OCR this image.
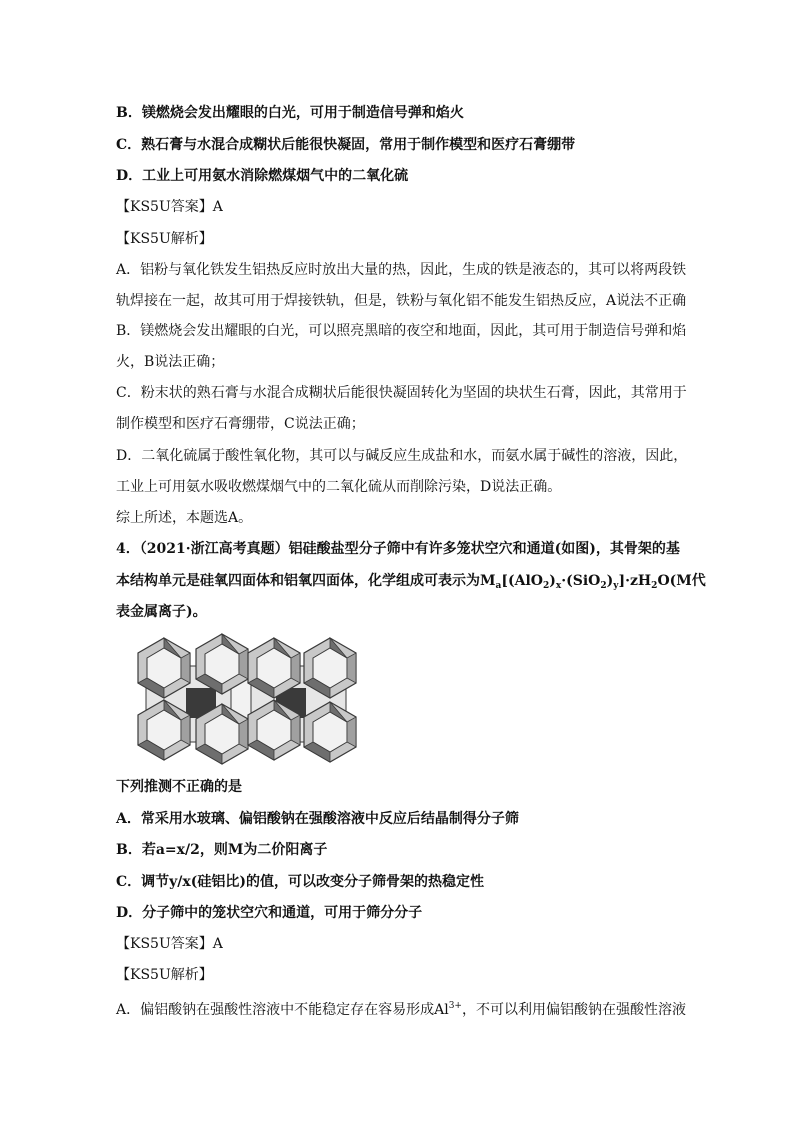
B．镁燃烧会发出耀眼的白光，可用于制造信号弹和焰火
C．熟石膏与水混合成糊状后能很快凝固，常用于制作模型和医疗石膏绷带
D．工业上可用氨水消除燃煤烟气中的二氧化硫
【KS5U答案】A
【KS5U解析】
A．铝粉与氧化铁发生铝热反应时放出大量的热，因此，生成的铁是液态的，其可以将两段铁
轨焊接在一起，故其可用于焊接铁轨，但是，铁粉与氧化铝不能发生铝热反应，A说法不正确
B．镁燃烧会发出耀眼的白光，可以照亮黑暗的夜空和地面，因此，其可用于制造信号弹和焰
火，B说法正确；
C．粉末状的熟石膏与水混合成糊状后能很快凝固转化为坚固的块状生石膏，因此，其常用于
制作模型和医疗石膏绷带，C说法正确；
D．二氧化硫属于酸性氧化物，其可以与碱反应生成盐和水，而氨水属于碱性的溶液，因此，
工业上可用氨水吸收燃煤烟气中的二氧化硫从而削除污染，D说法正确。
综上所述，本题选A。
4．（2021·浙江高考真题）铝硅酸盐型分子筛中有许多笼状空穴和通道(如图)，其骨架的基
本结构单元是硅氧四面体和铝氧四面体，化学组成可表示为$M_a[(AlO_2)_x\cdot(SiO_2)_y]\cdot zH_2O(M$代
表金属离子)。
下列推测不正确的是
A．常采用水玻璃、偏铝酸钠在强酸溶液中反应后结晶制得分子筛
B．若a=x/2，则M为二价阳离子
C．调节y/x(硅铝比)的值，可以改变分子筛骨架的热稳定性
D．分子筛中的笼状空穴和通道，可用于筛分分子
【KS5U答案】A
【KS5U解析】
A．偏铝酸钠在强酸性溶液中不能稳定存在容易形成$Al^{3+}$，不可以利用偏铝酸钠在强酸性溶液
